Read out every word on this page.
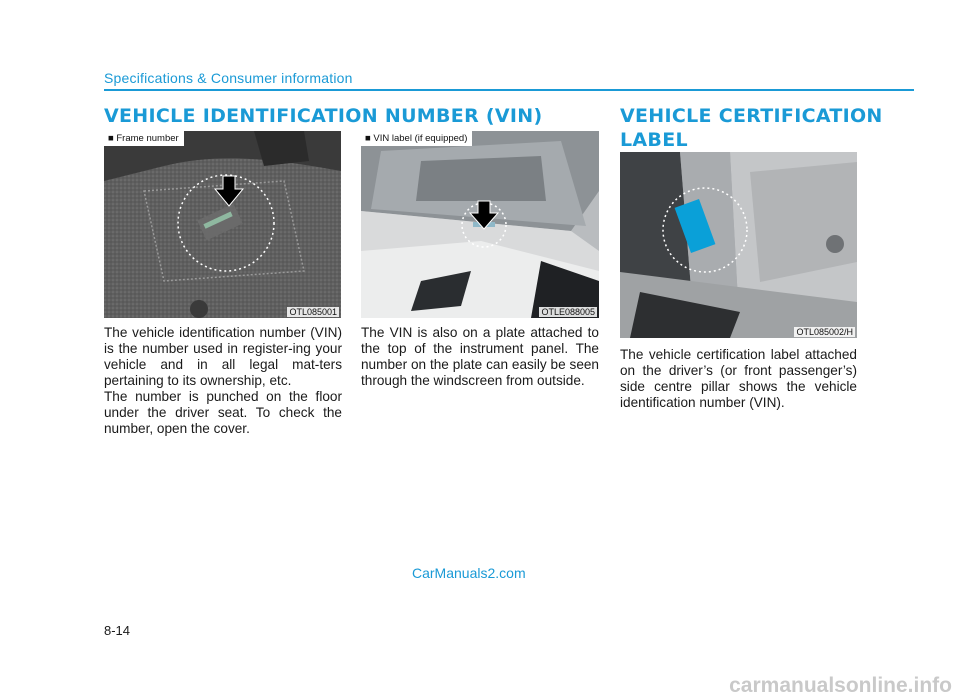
Specifications & Consumer information
VEHICLE IDENTIFICATION NUMBER (VIN)
■ Frame number
OTL085001
■ VIN label (if equipped)
OTLE088005

The vehicle identification number (VIN) is the number used in register-ing your vehicle and in all legal mat-ters pertaining to its ownership, etc.

The number is punched on the floor under the driver seat. To check the number, open the cover.

The VIN is also on a plate attached to the top of the instrument panel. The number on the plate can easily be seen through the windscreen from outside.

VEHICLE CERTIFICATION
LABEL
OTL085002/H

The vehicle certification label attached on the driver’s (or front passenger’s) side centre pillar shows the vehicle identification number (VIN).

CarManuals2.com
8-14
carmanualsonline.info
